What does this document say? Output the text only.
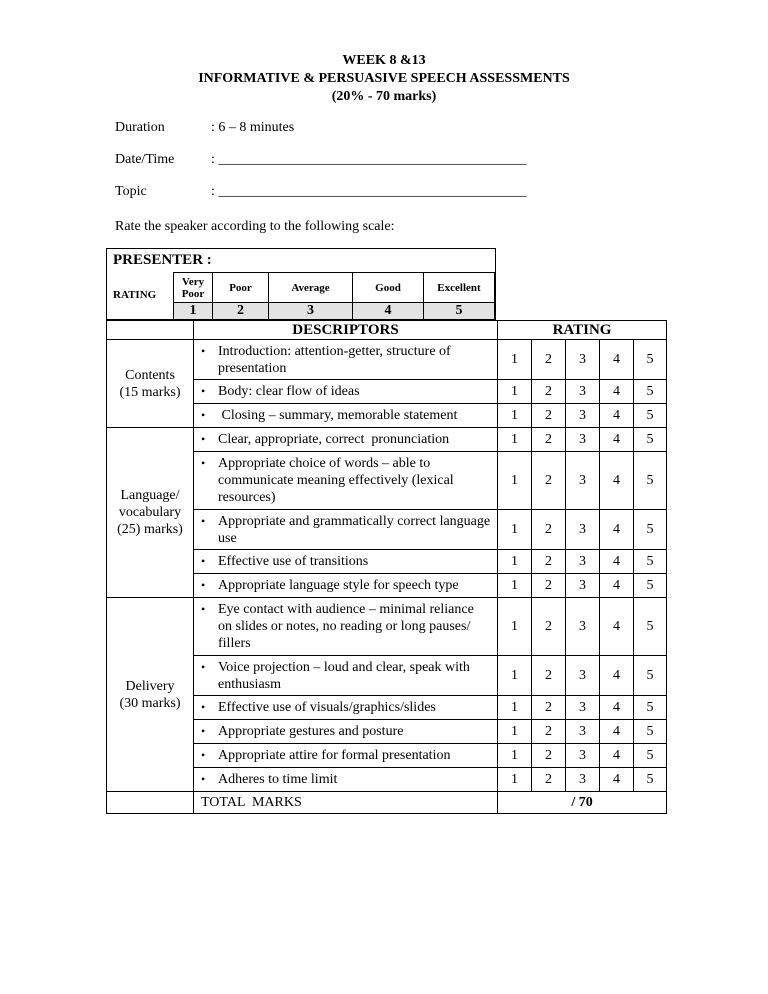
WEEK 8 &13
INFORMATIVE & PERSUASIVE SPEECH ASSESSMENTS
(20% - 70 marks)
Duration	: 6 – 8 minutes
Date/Time	: ____________________________________________
Topic	: ____________________________________________
Rate the speaker according to the following scale:
PRESENTER :
RATING
Very Poor	Poor	Average	Good	Excellent
1	2	3	4	5
	DESCRIPTORS	RATING				
Contents
(15 marks)	• Introduction: attention-getter, structure of presentation	1	2	3	4	5

	• Body: clear flow of ideas	1	2	3	4	5

	• Closing – summary, memorable statement	1	2	3	4	5
Language/
vocabulary
(25) marks)	• Clear, appropriate, correct  pronunciation	1	2	3	4	5

	• Appropriate choice of words – able to communicate meaning effectively (lexical resources)	1	2	3	4	5

	• Appropriate and grammatically correct language use	1	2	3	4	5

	• Effective use of transitions	1	2	3	4	5

	• Appropriate language style for speech type	1	2	3	4	5
Delivery
(30 marks)	• Eye contact with audience – minimal reliance on slides or notes, no reading or long pauses/ fillers	1	2	3	4	5

	• Voice projection – loud and clear, speak with enthusiasm	1	2	3	4	5

	• Effective use of visuals/graphics/slides	1	2	3	4	5

	• Appropriate gestures and posture	1	2	3	4	5

	• Appropriate attire for formal presentation	1	2	3	4	5

	• Adheres to time limit	1	2	3	4	5
	TOTAL  MARKS	/ 70				
